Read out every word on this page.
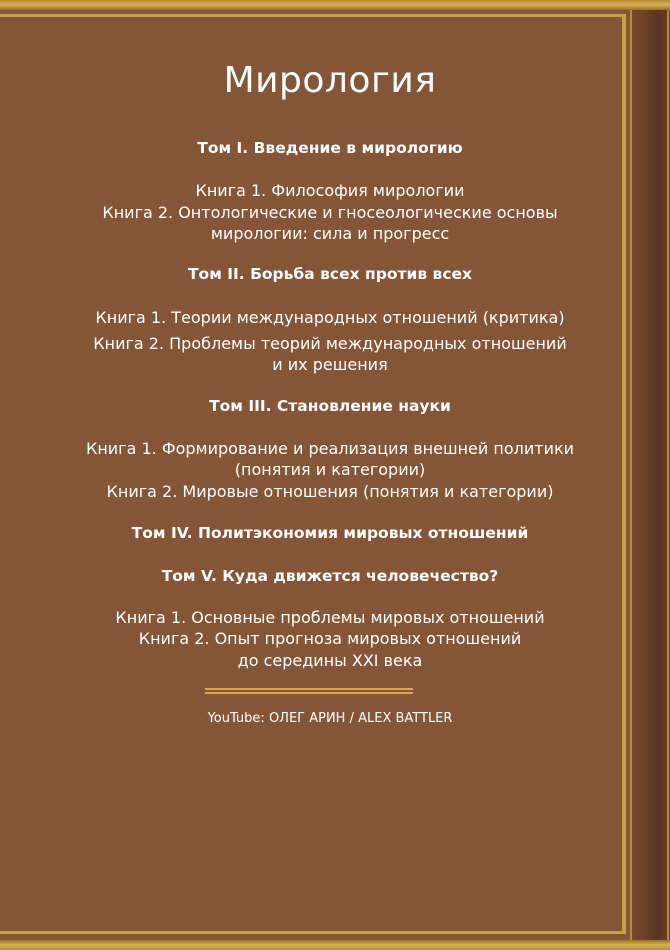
Мирология
Том I. Введение в мирологию
Книга 1. Философия мирологии
Книга 2. Онтологические и гносеологические основы
мирологии: сила и прогресс
Том II. Борьба всех против всех
Книга 1. Теории международных отношений (критика)
Книга 2. Проблемы теорий международных отношений
и их решения
Том III. Становление науки
Книга 1. Формирование и реализация внешней политики
(понятия и категории)
Книга 2. Мировые отношения (понятия и категории)
Том IV. Политэкономия мировых отношений
Том V. Куда движется человечество?
Книга 1. Основные проблемы мировых отношений
Книга 2. Опыт прогноза мировых отношений
до середины XXI века
YouTube: ОЛЕГ АРИН / ALEX BATTLER
